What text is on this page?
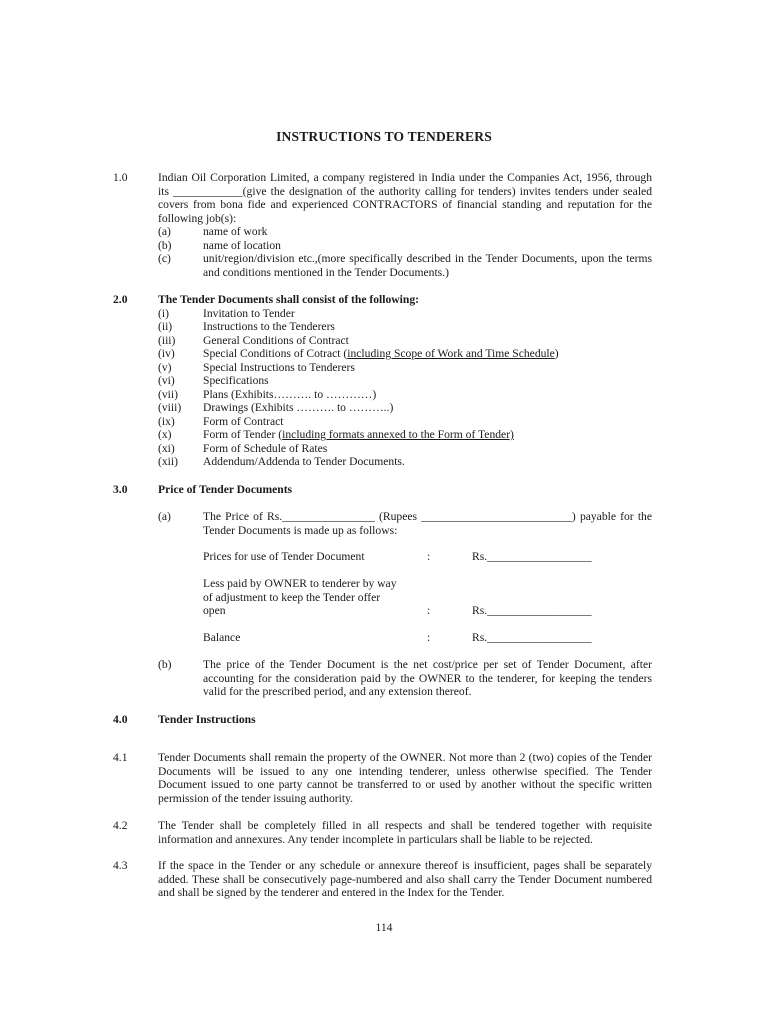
INSTRUCTIONS TO TENDERERS
1.0	Indian Oil Corporation Limited, a company registered in India under the Companies Act, 1956, through its ____________(give the designation of the authority calling for tenders) invites tenders under sealed covers from bona fide and experienced CONTRACTORS of financial standing and reputation for the following job(s):

(a)	name of work
(b)	name of location
(c)	unit/region/division etc.,(more specifically described in the Tender Documents, upon the terms and conditions mentioned in the Tender Documents.)

2.0	The Tender Documents shall consist of the following:
(i)	Invitation to Tender
(ii)	Instructions to the Tenderers
(iii) General Conditions of Contract
(iv) Special Conditions of Cotract (including Scope of Work and Time Schedule)
(v)	Special Instructions to Tenderers
(vi) Specifications
(vii) Plans (Exhibits………. to …………)
(viii) Drawings (Exhibits ………. to ………..)
(ix) Form of Contract
(x)	Form of Tender (including formats annexed to the Form of Tender)
(xi) Form of Schedule of Rates
(xii) Addendum/Addenda to Tender Documents.
3.0	Price of Tender Documents
(a)	The Price of Rs.________________ (Rupees __________________________) payable for the Tender Documents is made up as follows:

Prices for use of Tender Document	:	Rs.__________________

Less paid by OWNER to tenderer by way of adjustment to keep the Tender offer open	:	Rs.__________________
Balance	:	Rs.__________________
(b)	The price of the Tender Document is the net cost/price per set of Tender Document, after accounting for the consideration paid by the OWNER to the tenderer, for keeping the tenders valid for the prescribed period, and any extension thereof.

4.0	Tender Instructions
4.1	Tender Documents shall remain the property of the OWNER. Not more than 2 (two) copies of the Tender Documents will be issued to any one intending tenderer, unless otherwise specified. The Tender Document issued to one party cannot be transferred to or used by another without the specific written permission of the tender issuing authority.

4.2	The Tender shall be completely filled in all respects and shall be tendered together with requisite information and annexures. Any tender incomplete in particulars shall be liable to be rejected.

4.3	If the space in the Tender or any schedule or annexure thereof is insufficient, pages shall be separately added. These shall be consecutively page-numbered and also shall carry the Tender Document numbered and shall be signed by the tenderer and entered in the Index for the Tender.

114
